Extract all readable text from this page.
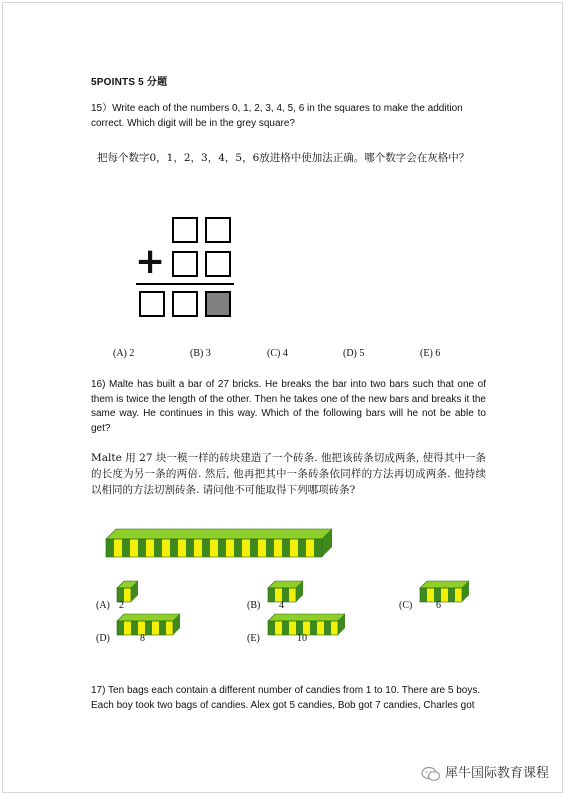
5POINTS 5 分题
15）Write each of the numbers 0, 1, 2, 3, 4, 5, 6 in the squares to make the addition correct. Which digit will be in the grey square?
把每个数字0，1，2，3，4，5，6放进格中使加法正确。哪个数字会在灰格中？
+
(A) 2	(B) 3	(C) 4	(D) 5	(E) 6
16) Malte has built a bar of 27 bricks. He breaks the bar into two bars such that one of them is twice the length of the other. Then he takes one of the new bars and breaks it the same way. He continues in this way. Which of the following bars will he not be able to get?
Malte 用 27 块一模一样的砖块建造了一个砖条. 他把该砖条切成两条, 使得其中一条的长度为另一条的两倍. 然后, 他再把其中一条砖条依同样的方法再切成两条. 他持续以相同的方法切割砖条. 请问他不可能取得下列哪项砖条?
(A) 2	(B) 4	(C) 6
(D)	8	(E)	10
17) Ten bags each contain a different number of candies from 1 to 10. There are 5 boys. Each boy took two bags of candies. Alex got 5 candies, Bob got 7 candies, Charles got
犀牛国际教育课程
